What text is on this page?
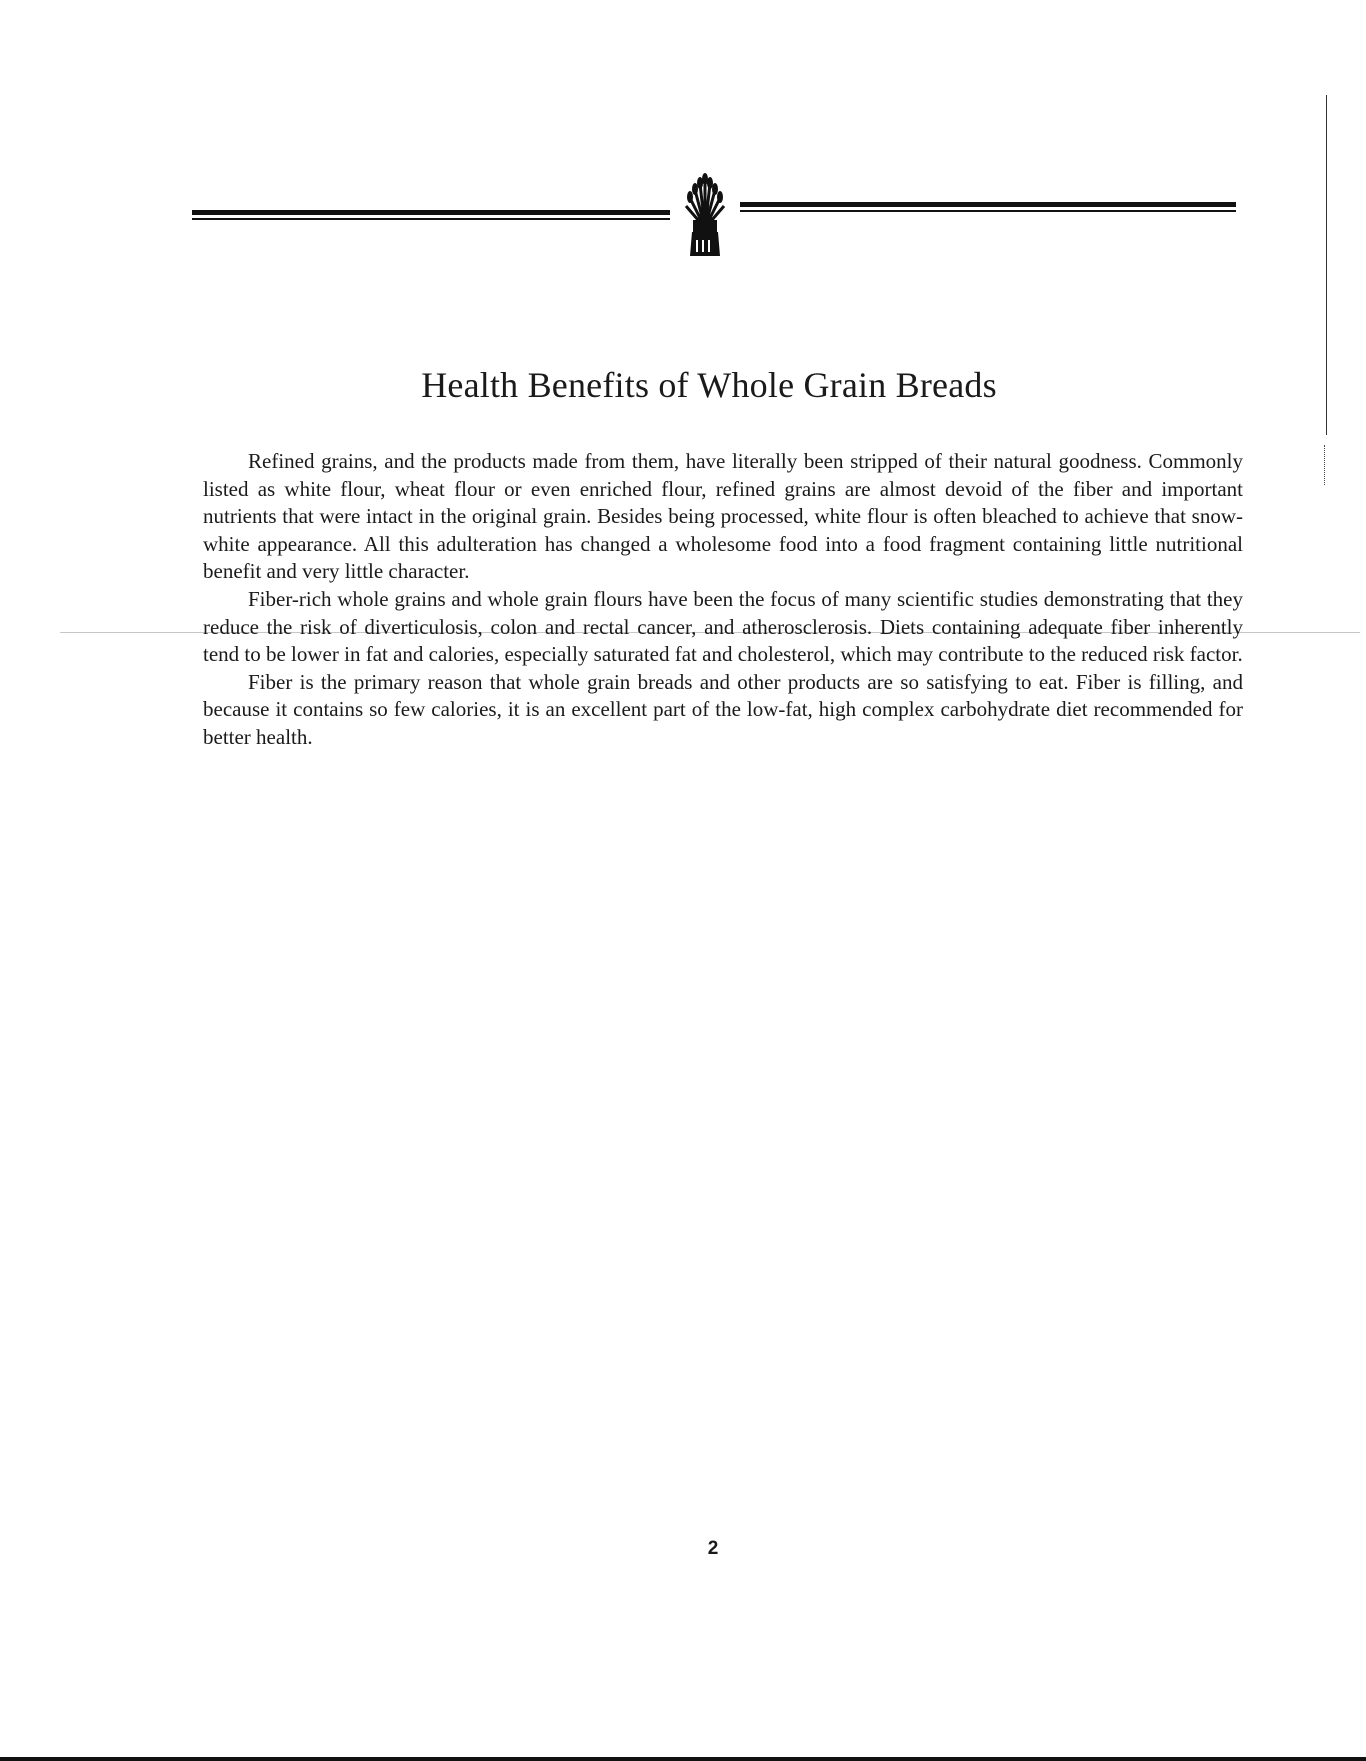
Health Benefits of Whole Grain Breads

Refined grains, and the products made from them, have literally been stripped of their natural goodness. Commonly listed as white flour, wheat flour or even enriched flour, refined grains are almost devoid of the fiber and important nutrients that were intact in the original grain. Besides being processed, white flour is often bleached to achieve that snow-white appearance. All this adulteration has changed a wholesome food into a food fragment containing little nutritional benefit and very little character.

Fiber-rich whole grains and whole grain flours have been the focus of many scientific studies demonstrating that they reduce the risk of diverticulosis, colon and rectal cancer, and atherosclerosis. Diets containing adequate fiber inherently tend to be lower in fat and calories, especially saturated fat and cholesterol, which may contribute to the reduced risk factor.

Fiber is the primary reason that whole grain breads and other products are so satisfying to eat. Fiber is filling, and because it contains so few calories, it is an excellent part of the low-fat, high complex carbohydrate diet recommended for better health.

2
